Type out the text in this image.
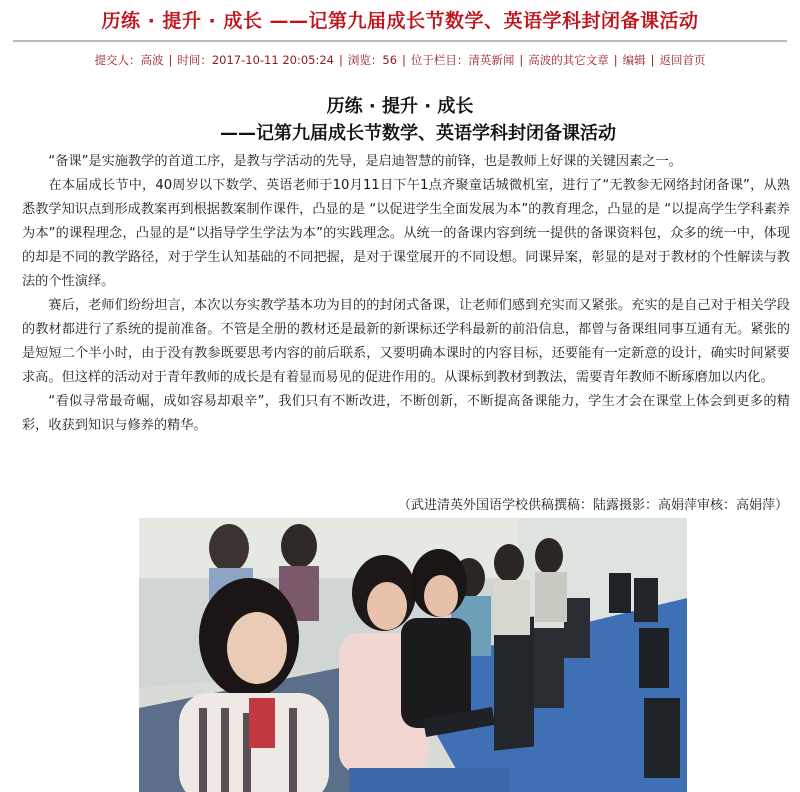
历练 · 提升 · 成长 ——记第九届成长节数学、英语学科封闭备课活动
提交人：高波 | 时间：2017-10-11 20:05:24 | 浏览：56 | 位于栏目：清英新闻 | 高波的其它文章 | 编辑 | 返回首页
历练 · 提升 · 成长
——记第九届成长节数学、英语学科封闭备课活动

“备课”是实施教学的首道工序，是教与学活动的先导，是启迪智慧的前锋，也是教师上好课的关键因素之一。

在本届成长节中，40周岁以下数学、英语老师于10月11日下午1点齐聚童话城微机室，进行了“无教参无网络封闭备课”，从熟悉教学知识点到形成教案再到根据教案制作课件，凸显的是 “以促进学生全面发展为本”的教育理念，凸显的是 “以提高学生学科素养为本”的课程理念，凸显的是“以指导学生学法为本”的实践理念。从统一的备课内容到统一提供的备课资料包，众多的统一中，体现的却是不同的教学路径，对于学生认知基础的不同把握，是对于课堂展开的不同设想。同课异案，彰显的是对于教材的个性解读与教法的个性演绎。

赛后，老师们纷纷坦言，本次以夯实教学基本功为目的的封闭式备课，让老师们感到充实而又紧张。充实的是自己对于相关学段的教材都进行了系统的提前准备。不管是全册的教材还是最新的新课标还学科最新的前沿信息，都曾与备课组同事互通有无。紧张的是短短二个半小时，由于没有教参既要思考内容的前后联系，又要明确本课时的内容目标，还要能有一定新意的设计，确实时间紧要求高。但这样的活动对于青年教师的成长是有着显而易见的促进作用的。从课标到教材到教法，需要青年教师不断琢磨加以内化。

“看似寻常最奇崛，成如容易却艰辛”，我们只有不断改进，不断创新，不断提高备课能力，学生才会在课堂上体会到更多的精彩，收获到知识与修养的精华。

（武进清英外国语学校供稿撰稿：陆露摄影：高娟萍审核：高娟萍）
